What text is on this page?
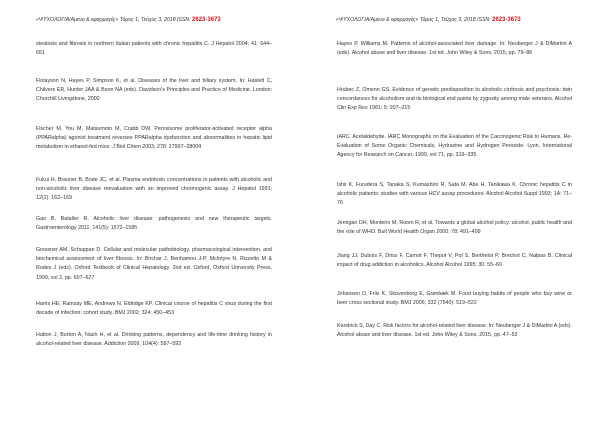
«ΨΥΧΟΛΟΓΙΑ/Αμενο & εφαρμογές» Τόμος 1, Τεύχος 3, 2018 ISSN: 2623-3673
steatosis and fibrosis in northern Italian patients with chronic hepatitis C. J Hepatol 2004; 41: 644–651
Finlayson N, Hayes P, Simpson K, et al. Diseases of the liver and biliary system. In: Haslett C, Chilvers ER, Hunter JAA & Boon NA (eds). Davidson's Principles and Practice of Medicine. London: Churchill Livingstone, 2000
Fischer M, You M, Matsumoto M, Crabb DW. Peroxisome proliferator-activated receptor alpha (PPARalpha) agonist treatment reverses PPARalpha dysfunction and abnormalities in hepatic lipid metabolism in ethanol-fed mice. J Biol Chem 2003; 278: 27997–28004
Fukui H, Brauner B, Bode JC, et al. Plasma endotoxin concentrations in patients with alcoholic and non-alcoholic liver disease reevaluation with an improved chromogenic assay. J Hepatol 1991; 12(2): 162–169
Gao B, Bataller R. Alcoholic liver disease: pathogenesis and new therapeutic targets. Gastroenterology 2011; 141(5): 1572–1585
Gressner AM, Schuppan D. Cellular and molecular pathobiology, pharmacological intervention, and biochemical assessment of liver fibrosis. In: Birchar J, Benhamou J-P, McIntyre N, Rizzetto M & Rodes J (eds). Oxford Textbook of Clinical Hepatology. 2nd ed. Oxford, Oxford University Press, 1999, vol 2, pp. 607–627
Harris HE, Ramsay ME, Andrews N, Eldridge KP. Clinical course of hepatitis C virus during the first decade of infection: cohort study. BMJ 2002; 324: 450–453
Hatton J, Burton A, Nash H, et al. Drinking patterns, dependency and life-time drinking history in alcohol-related liver disease. Addiction 2009; 104(4): 587–592
«ΨΥΧΟΛΟΓΙΑ/Αμενο & εφαρμογές» Τόμος 1, Τεύχος 3, 2018 ISSN: 2623-3673
Hayes P, Williams M. Patterns of alcohol-associated liver damage. In: Neuberger J & DiMartini A (eds). Alcohol abuse and liver disease. 1st ed. John Wiley & Sons, 2015, pp. 79–86
Hrubec Z, Omenn GS. Evidence of genetic predisposition to alcoholic cirrhosis and psychosis: twin concordances for alcoholism and its biological end points by zygosity among male veterans. Alcohol Clin Exp Res 1981; 5: 207–215
IARC. Acetaldehyde. IARC Monographs on the Evaluation of the Carcinogenic Risk to Humans. Re-Evaluation of Some Organic Chemicals, Hydrazine and Hydrogen Peroxide. Lyon, International Agency for Research on Cancer, 1999, vol 71, pp. 319–335
Ishii K, Furudera S, Tanaka S, Kumashiro R, Sata M, Abe H, Tanikawa K. Chronic hepatitis C in alcoholic patients: studies with various HCV assay procedures. Alcohol Alcohol Suppl 1993; 1A: 71–76
Jernigan DH, Monteiro M, Room R, et al. Towards a global alcohol policy: alcohol, public health and the role of WHO. Bull World Health Organ 2000; 78: 491–499
Jiang JJ, Dubois F, Driss F, Carnot F, Thepot V, Pol S, Berthelot P, Brechot C, Nalpas B. Clinical impact of drug addiction in alcoholics. Alcohol Alcohol 1995; 30: 55–60
Johansen D, Friis K, Skovenborg E, Grønbæk M. Food buying habits of people who buy wine or beer cross sectional study. BMJ 2006; 332 (7540): 519–522
Kendrick S, Day C. Risk factors for alcohol-related liver disease. In: Neuberger J & DiMartini A (eds). Alcohol abuse and liver disease. 1st ed. John Wiley & Sons, 2015, pp. 47–53
